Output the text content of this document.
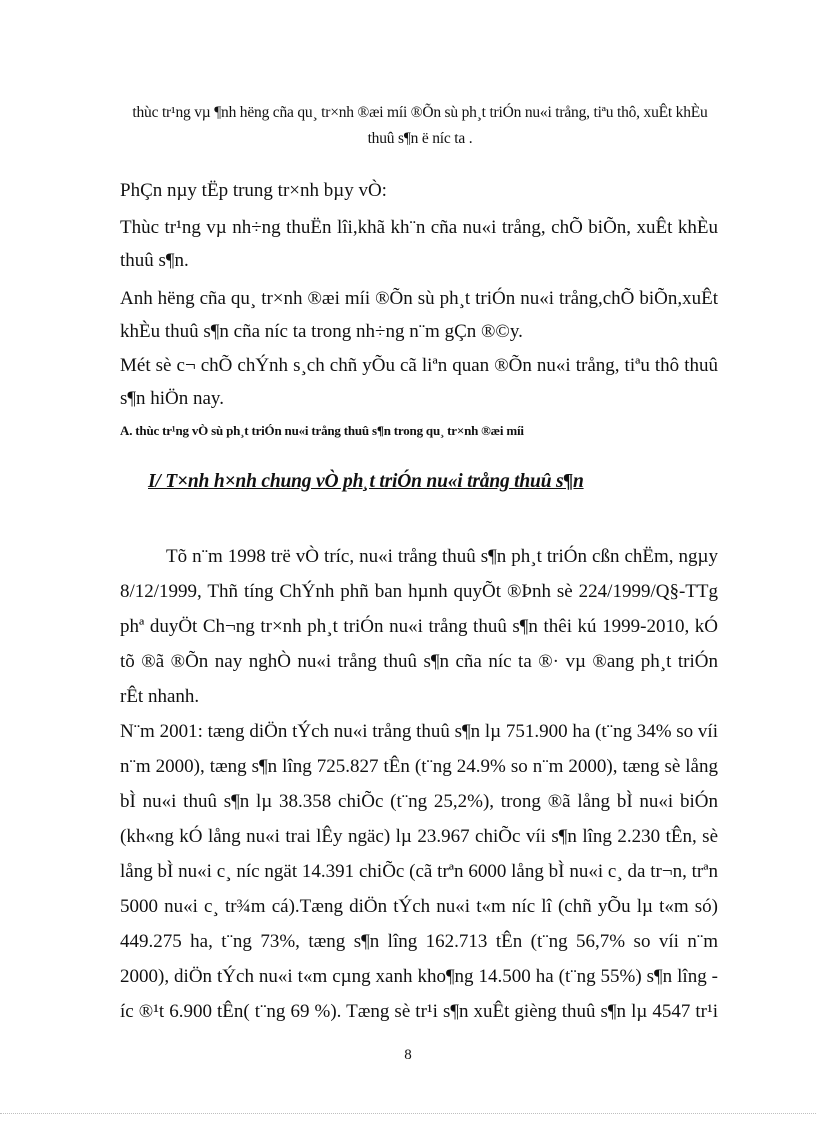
thùc tr¹ng vµ ¶nh hëng cña qu¸ tr×nh ®æi míi ®Õn sù ph¸t triÓn nu«i trång, tiªu thô, xuÊt khÈu thuû s¶n ë níc ta .

PhÇn nµy tËp trung tr×nh bµy vÒ:

Thùc tr¹ng vµ nh÷ng thuËn lîi,khã kh¨n cña nu«i trång, chÕ biÕn, xuÊt khÈu thuû s¶n.

Anh hëng cña qu¸ tr×nh ®æi míi ®Õn sù ph¸t triÓn nu«i trång,chÕ biÕn,xuÊt khÈu thuû s¶n cña níc ta trong nh÷ng n¨m gÇn ®©y.

Mét sè c¬ chÕ chÝnh s¸ch chñ yÕu cã liªn quan ®Õn nu«i trång, tiªu thô thuû s¶n hiÖn nay.

A. thùc tr¹ng vÒ sù ph¸t triÓn nu«i trång thuû s¶n trong qu¸ tr×nh ®æi míi

I/ T×nh h×nh chung vÒ ph¸t triÓn nu«i trång thuû s¶n

Tõ n¨m 1998 trë vÒ tríc, nu«i trång thuû s¶n ph¸t triÓn cßn chËm, ngµy 8/12/1999, Thñ tíng ChÝnh phñ ban hµnh quyÕt ®Þnh sè 224/1999/Q§-TTg phª duyÖt Ch¬ng tr×nh ph¸t triÓn nu«i trång thuû s¶n thêi kú 1999-2010, kÓ tõ ®ã ®Õn nay nghÒ nu«i trång thuû s¶n cña níc ta ®· vµ ®ang ph¸t triÓn rÊt nhanh.

N¨m 2001: tæng diÖn tÝch nu«i trång thuû s¶n lµ 751.900 ha (t¨ng 34% so víi n¨m 2000), tæng s¶n lîng 725.827 tÊn (t¨ng 24.9% so n¨m 2000), tæng sè lång bÌ nu«i thuû s¶n lµ 38.358 chiÕc (t¨ng 25,2%), trong ®ã lång bÌ nu«i biÓn (kh«ng kÓ lång nu«i trai lÊy ngäc) lµ 23.967 chiÕc víi s¶n lîng 2.230 tÊn, sè lång bÌ nu«i c¸ níc ngät 14.391 chiÕc (cã trªn 6000 lång bÌ nu«i c¸ da tr¬n, trªn 5000 nu«i c¸ tr¾m cá).Tæng diÖn tÝch nu«i t«m níc lî (chñ yÕu lµ t«m só) 449.275 ha, t¨ng 73%, tæng s¶n lîng 162.713 tÊn (t¨ng 56,7% so víi n¨m 2000), diÖn tÝch nu«i t«m cµng xanh kho¶ng 14.500 ha (t¨ng 55%) s¶n lîng íc ®¹t 6.900 tÊn( t¨ng 69 %). Tæng sè tr¹i s¶n xuÊt gièng thuû s¶n lµ 4547 tr¹i

8
